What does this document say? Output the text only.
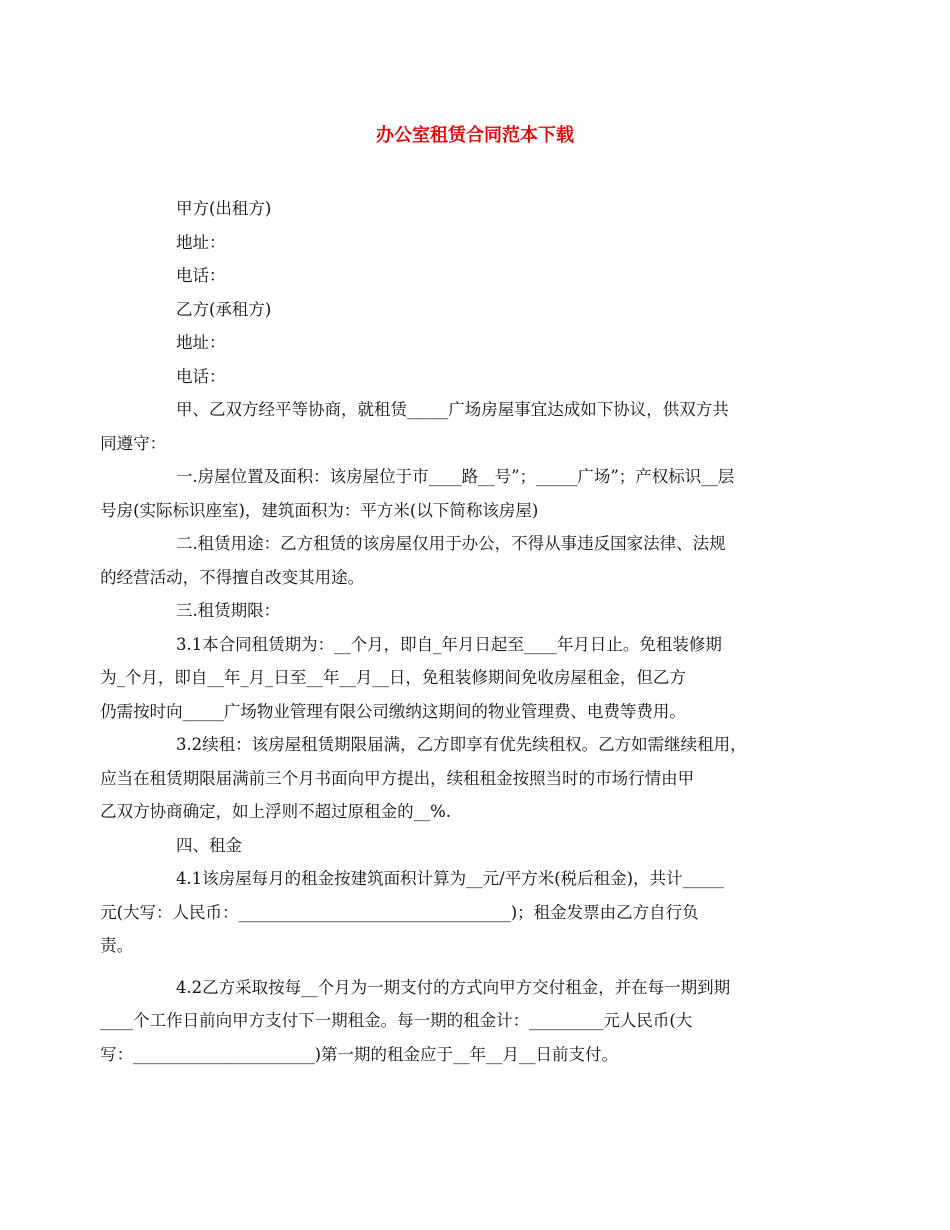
办公室租赁合同范本下载

甲方(出租方)

地址：

电话：

乙方(承租方)

地址：

电话：

甲、乙双方经平等协商，就租赁_____广场房屋事宜达成如下协议，供双方共
同遵守：

一.房屋位置及面积：该房屋位于市____路__号”；_____广场”；产权标识__层
号房(实际标识座室)，建筑面积为：平方米(以下简称该房屋)

二.租赁用途：乙方租赁的该房屋仅用于办公，不得从事违反国家法律、法规
的经营活动，不得擅自改变其用途。

三.租赁期限：

3.1本合同租赁期为：__个月，即自_年月日起至____年月日止。免租装修期
为_个月，即自__年_月_日至__年__月__日，免租装修期间免收房屋租金，但乙方
仍需按时向_____广场物业管理有限公司缴纳这期间的物业管理费、电费等费用。

3.2续租：该房屋租赁期限届满，乙方即享有优先续租权。乙方如需继续租用，
应当在租赁期限届满前三个月书面向甲方提出，续租租金按照当时的市场行情由甲
乙双方协商确定，如上浮则不超过原租金的__%.

四、租金

4.1该房屋每月的租金按建筑面积计算为__元/平方米(税后租金)，共计_____
元(大写：人民币：_________________________________)；租金发票由乙方自行负
责。

4.2乙方采取按每__个月为一期支付的方式向甲方交付租金，并在每一期到期
____个工作日前向甲方支付下一期租金。每一期的租金计：_________元人民币(大
写：______________________)第一期的租金应于__年__月__日前支付。
